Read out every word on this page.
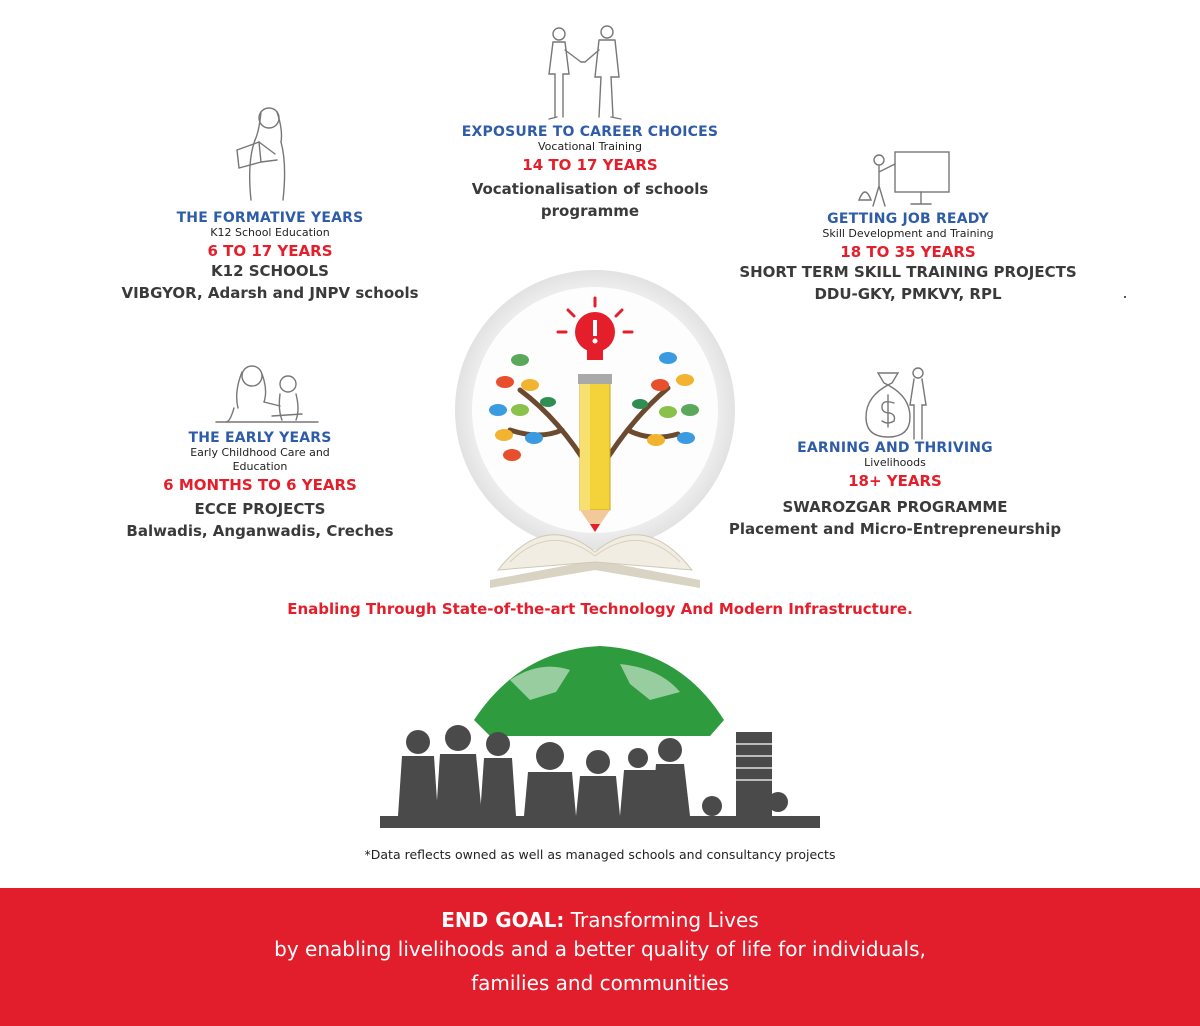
EXPOSURE TO CAREER CHOICES
Vocational Training
14 TO 17 YEARS
Vocationalisation of schools
programme
THE FORMATIVE YEARS
K12 School Education
6 TO 17 YEARS
K12 SCHOOLS
VIBGYOR, Adarsh and JNPV schools
GETTING JOB READY
Skill Development and Training
18 TO 35 YEARS
SHORT TERM SKILL TRAINING PROJECTS
DDU-GKY, PMKVY, RPL
THE EARLY YEARS
Early Childhood Care and
Education
6 MONTHS TO 6 YEARS
ECCE PROJECTS
Balwadis, Anganwadis, Creches
EARNING AND THRIVING
Livelihoods
18+ YEARS
SWAROZGAR PROGRAMME
Placement and Micro-Entrepreneurship
Enabling Through State-of-the-art Technology And Modern Infrastructure.
*Data reflects owned as well as managed schools and consultancy projects
END GOAL: Transforming Lives
by enabling livelihoods and a better quality of life for individuals,
families and communities
